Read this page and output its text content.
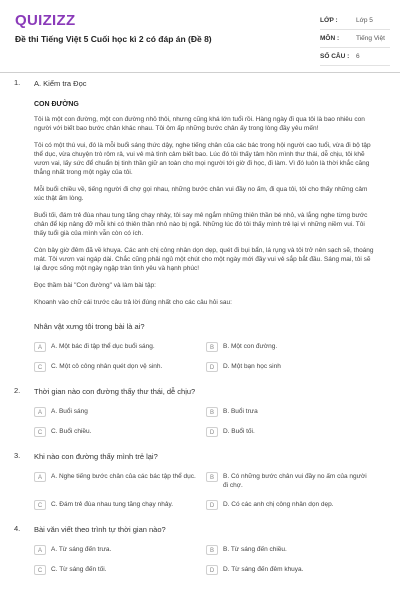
QUIZIZZ
Đề thi Tiếng Việt 5 Cuối học kì 2 có đáp án (Đề 8)
LỚP :	Lớp 5
MÔN :	Tiếng Việt
SỐ CÂU : 6
1. A. Kiểm tra Đọc
CON ĐƯỜNG

Tôi là một con đường, một con đường nhỏ thôi, nhưng cũng khá lớn tuổi rồi. Hàng ngày đi qua tôi là bao nhiêu con người với biết bao bước chân khác nhau. Tôi ôm ấp những bước chân ấy trong lòng đầy yêu mến!

Tôi có một thú vui, đó là mỗi buổi sáng thức dậy, nghe tiếng chân của các bác trong hội người cao tuổi, vừa đi bộ tập thể dục, vừa chuyện trò rôm rả, vui vẻ mà tình cảm biết bao. Lúc đó tôi thấy tâm hồn mình thư thái, dễ chịu, tôi khẽ vươn vai, lấy sức để chuẩn bị tinh thần giữ an toàn cho mọi người tới giờ đi học, đi làm. Vì đó luôn là thời khắc căng thẳng nhất trong một ngày của tôi.

Mỗi buổi chiều về, tiếng người đi chợ gọi nhau, những bước chân vui đầy no ấm, đi qua tôi, tôi cho thấy những cảm xúc thật ấm lòng.

Buổi tối, đám trẻ đùa nhau tung tăng chạy nhảy, tôi say mê ngắm những thiên thần bé nhỏ, và lắng nghe từng bước chân để kịp nâng đỡ mỗi khi có thiên thần nhỏ nào bị ngã. Những lúc đó tôi thấy mình trẻ lại vì những niềm vui. Tôi thấy tuổi già của mình vẫn còn có ích.

Còn bây giờ đêm đã về khuya. Các anh chị công nhân dọn dẹp, quét đi bụi bẩn, lá rụng và tôi trở nên sạch sẽ, thoáng mát. Tôi vươn vai ngáp dài. Chắc cũng phải ngủ một chút cho một ngày mới đầy vui vẻ sắp bắt đầu. Sáng mai, tôi sẽ lại được sống một ngày ngập tràn tình yêu và hạnh phúc!

Đọc thầm bài "Con đường" và làm bài tập:

Khoanh vào chữ cái trước câu trả lời đúng nhất cho các câu hỏi sau:

Nhân vật xưng tôi trong bài là ai?
A	A. Một bác đi tập thể dục buổi sáng.	B	B. Một con đường.
C	C. Một cô công nhân quét dọn vệ sinh.	D	D. Một bạn học sinh
2. Thời gian nào con đường thấy thư thái, dễ chịu?
A	A. Buổi sáng	B	B. Buổi trưa
C	C. Buổi chiều.	D	D. Buổi tối.
3. Khi nào con đường thấy mình trẻ lại?
A	A. Nghe tiếng bước chân của các bác tập thể dục.	B	B. Có những bước chân vui đầy no ấm của người đi chợ.
C	C. Đám trẻ đùa nhau tung tăng chạy nhảy.	D	D. Có các anh chị công nhân dọn dẹp.
4. Bài văn viết theo trình tự thời gian nào?
A	A. Từ sáng đến trưa.	B	B. Từ sáng đến chiều.
C	C. Từ sáng đến tối.	D	D. Từ sáng đến đêm khuya.
